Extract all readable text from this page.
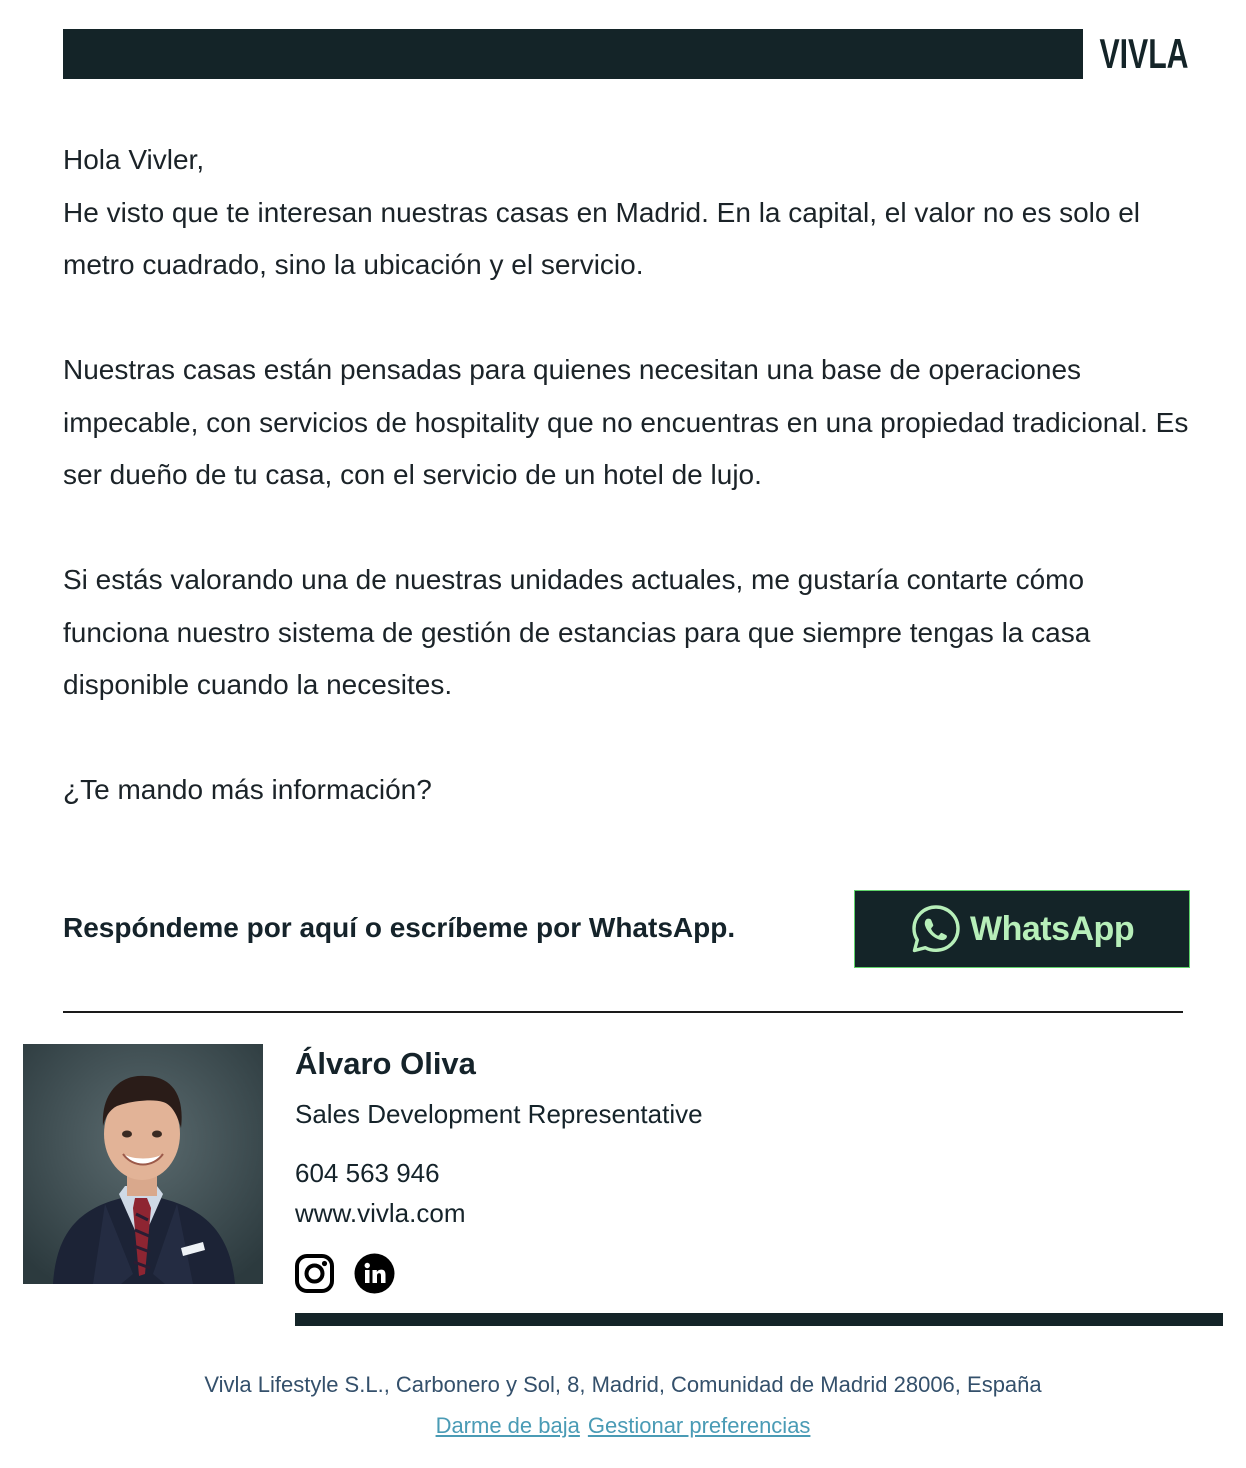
VIVLA

Hola Vivler,

He visto que te interesan nuestras casas en Madrid. En la capital, el valor no es solo el metro cuadrado, sino la ubicación y el servicio.

Nuestras casas están pensadas para quienes necesitan una base de operaciones impecable, con servicios de hospitality que no encuentras en una propiedad tradicional. Es ser dueño de tu casa, con el servicio de un hotel de lujo.

Si estás valorando una de nuestras unidades actuales, me gustaría contarte cómo funciona nuestro sistema de gestión de estancias para que siempre tengas la casa disponible cuando la necesites.

¿Te mando más información?

Respóndeme por aquí o escríbeme por WhatsApp.	WhatsApp
Álvaro Oliva
Sales Development Representative
604 563 946
www.vivla.com
Vivla Lifestyle S.L., Carbonero y Sol, 8, Madrid, Comunidad de Madrid 28006, España
Darme de baja Gestionar preferencias
